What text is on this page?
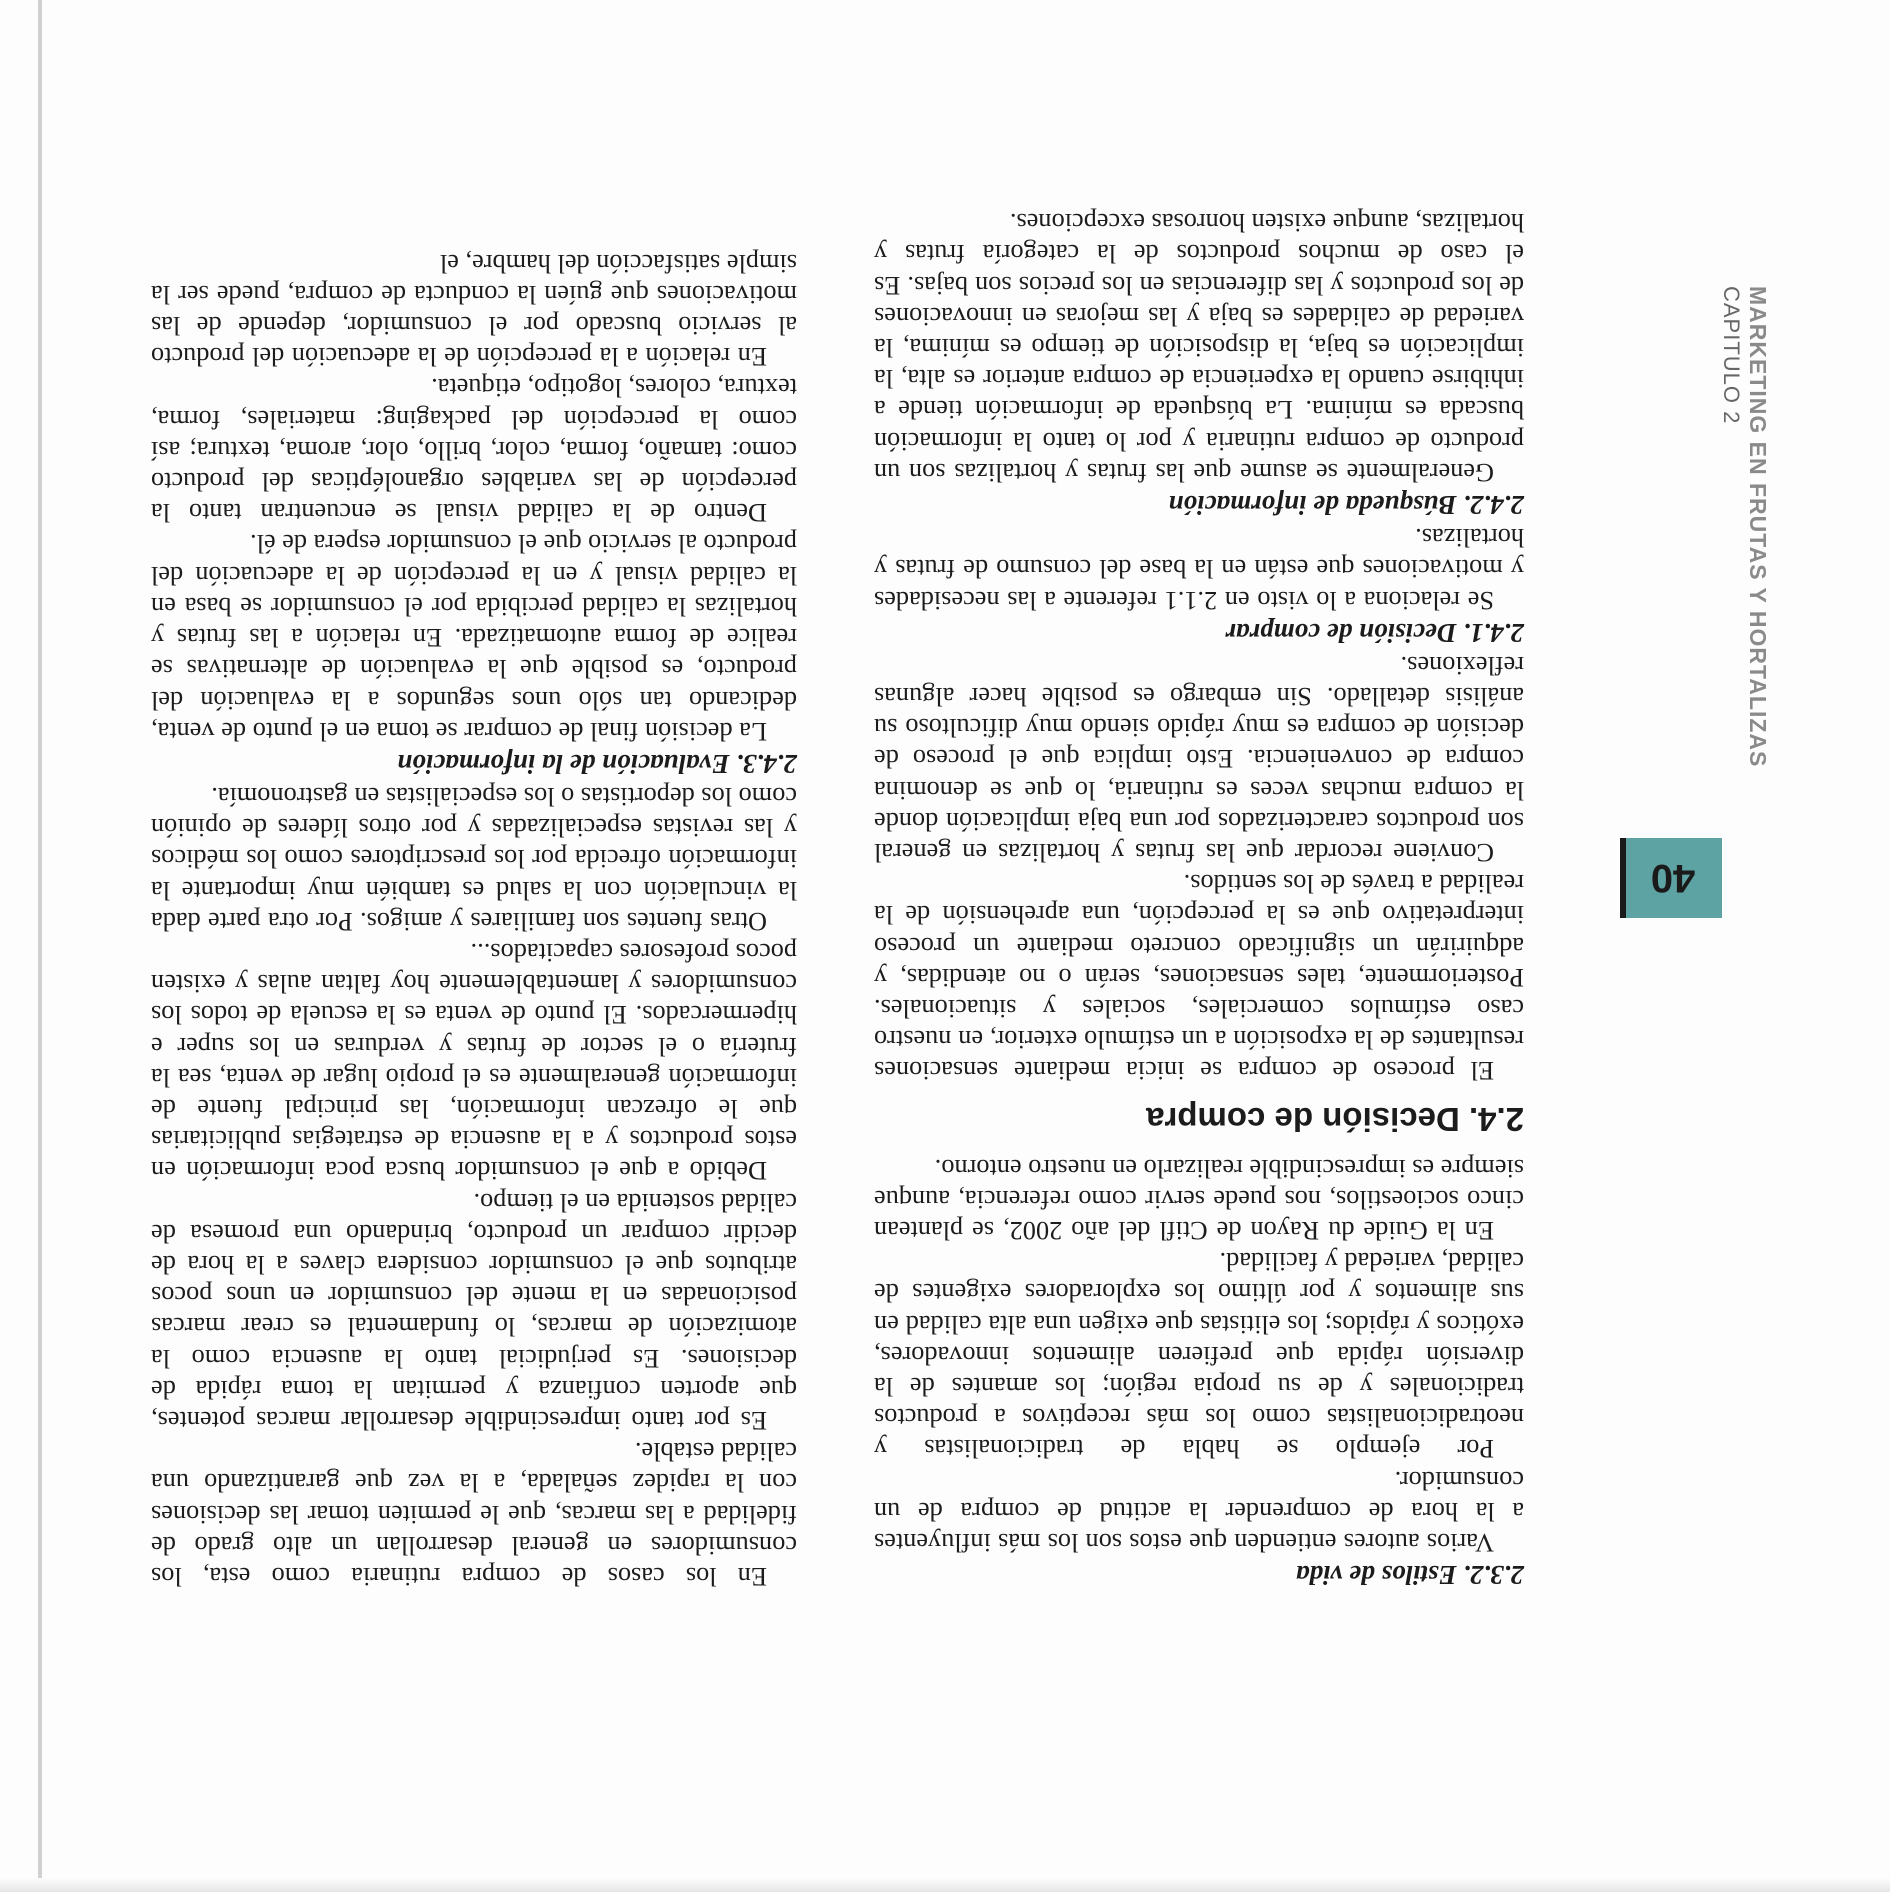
40
MARKETING EN FRUTAS Y HORTALIZAS
CAPITULO 2
2.3.2. Estilos de vida

Varios autores entienden que estos son los más influyentes a la hora de comprender la actitud de compra de un consumidor.

Por ejemplo se habla de tradicionalistas y neotradicionalistas como los más receptivos a productos tradicionales y de su propia región; los amantes de la diversión rápida que prefieren alimentos innovadores, exóticos y rápidos; los elitistas que exigen una alta calidad en sus alimentos y por último los exploradores exigentes de calidad, variedad y facilidad.

En la Guide du Rayon de Ctifl del año 2002, se plantean cinco socioestilos, nos puede servir como referencia, aunque siempre es imprescindible realizarlo en nuestro entorno.

2.4. Decisión de compra

El proceso de compra se inicia mediante sensaciones resultantes de la exposición a un estímulo exterior, en nuestro caso estímulos comerciales, sociales y situacionales. Posteriormente, tales sensaciones, serán o no atendidas, y adquirirán un significado concreto mediante un proceso interpretativo que es la percepción, una aprehensión de la realidad a través de los sentidos.

Conviene recordar que las frutas y hortalizas en general son productos caracterizados por una baja implicación donde la compra muchas veces es rutinaria, lo que se denomina compra de conveniencia. Esto implica que el proceso de decisión de compra es muy rápido siendo muy dificultoso su análisis detallado. Sin embargo es posible hacer algunas reflexiones.

2.4.1. Decisión de comprar

Se relaciona a lo visto en 2.1.1 referente a las necesidades y motivaciones que están en la base del consumo de frutas y hortalizas.

2.4.2. Búsqueda de información

Generalmente se asume que las frutas y hortalizas son un producto de compra rutinaria y por lo tanto la información buscada es mínima. La búsqueda de información tiende a inhibirse cuando la experiencia de compra anterior es alta, la implicación es baja, la disposición de tiempo es mínima, la variedad de calidades es baja y las mejoras en innovaciones de los productos y las diferencias en los precios son bajas. Es el caso de muchos productos de la categoría frutas y hortalizas, aunque existen honrosas excepciones.

En los casos de compra rutinaria como esta, los consumidores en general desarrollan un alto grado de fidelidad a las marcas, que le permiten tomar las decisiones con la rapidez señalada, a la vez que garantizando una calidad estable.

Es por tanto imprescindible desarrollar marcas potentes, que aporten confianza y permitan la toma rápida de decisiones. Es perjudicial tanto la ausencia como la atomización de marcas, lo fundamental es crear marcas posicionadas en la mente del consumidor en unos pocos atributos que el consumidor considera claves a la hora de decidir comprar un producto, brindando una promesa de calidad sostenida en el tiempo.

Debido a que el consumidor busca poca información en estos productos y a la ausencia de estrategias publicitarias que le ofrezcan información, las principal fuente de información generalmente es el propio lugar de venta, sea la frutería o el sector de frutas y verduras en los super e hipermercados. El punto de venta es la escuela de todos los consumidores y lamentablemente hoy faltan aulas y existen pocos profesores capacitados...

Otras fuentes son familiares y amigos. Por otra parte dada la vinculación con la salud es también muy importante la información ofrecida por los prescriptores como los médicos y las revistas especializadas y por otros líderes de opinión como los deportistas o los especialistas en gastronomía.

2.4.3. Evaluación de la información

La decisión final de comprar se toma en el punto de venta, dedicando tan sólo unos segundos a la evaluación del producto, es posible que la evaluación de alternativas se realice de forma automatizada. En relación a las frutas y hortalizas la calidad percibida por el consumidor se basa en la calidad visual y en la percepción de la adecuación del producto al servicio que el consumidor espera de él.

Dentro de la calidad visual se encuentran tanto la percepción de las variables organolépticas del producto como: tamaño, forma, color, brillo, olor, aroma, textura; así como la percepción del packaging: materiales, forma, textura, colores, logotipo, etiqueta.

En relación a la percepción de la adecuación del producto al servicio buscado por el consumidor, depende de las motivaciones que guíen la conducta de compra, puede ser la simple satisfacción del hambre, el
